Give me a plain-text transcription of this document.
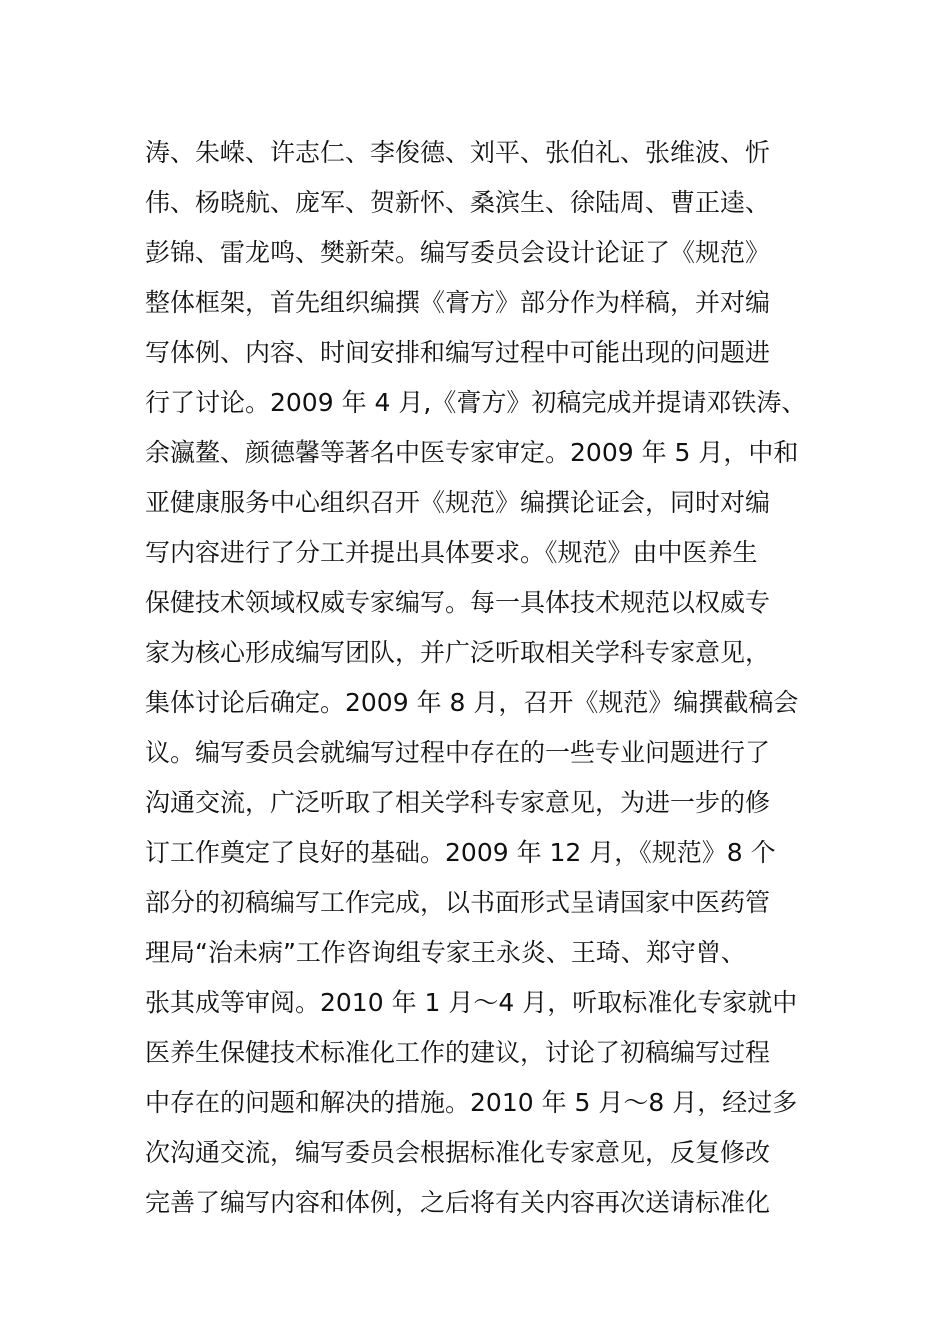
涛、朱嵘、许志仁、李俊德、刘平、张伯礼、张维波、忻
伟、杨晓航、庞军、贺新怀、桑滨生、徐陆周、曹正逵、
彭锦、雷龙鸣、樊新荣。编写委员会设计论证了《规范》
整体框架，首先组织编撰《膏方》部分作为样稿，并对编
写体例、内容、时间安排和编写过程中可能出现的问题进
行了讨论。2009 年 4 月,《膏方》初稿完成并提请邓铁涛、
余瀛鳌、颜德馨等著名中医专家审定。2009 年 5 月，中和
亚健康服务中心组织召开《规范》编撰论证会，同时对编
写内容进行了分工并提出具体要求。《规范》由中医养生
保健技术领域权威专家编写。每一具体技术规范以权威专
家为核心形成编写团队，并广泛听取相关学科专家意见，
集体讨论后确定。2009 年 8 月，召开《规范》编撰截稿会
议。编写委员会就编写过程中存在的一些专业问题进行了
沟通交流，广泛听取了相关学科专家意见，为进一步的修
订工作奠定了良好的基础。2009 年 12 月，《规范》8 个
部分的初稿编写工作完成，以书面形式呈请国家中医药管
理局“治未病”工作咨询组专家王永炎、王琦、郑守曾、
张其成等审阅。2010 年 1 月～4 月，听取标准化专家就中
医养生保健技术标准化工作的建议，讨论了初稿编写过程
中存在的问题和解决的措施。2010 年 5 月～8 月，经过多
次沟通交流，编写委员会根据标准化专家意见，反复修改
完善了编写内容和体例，之后将有关内容再次送请标准化
